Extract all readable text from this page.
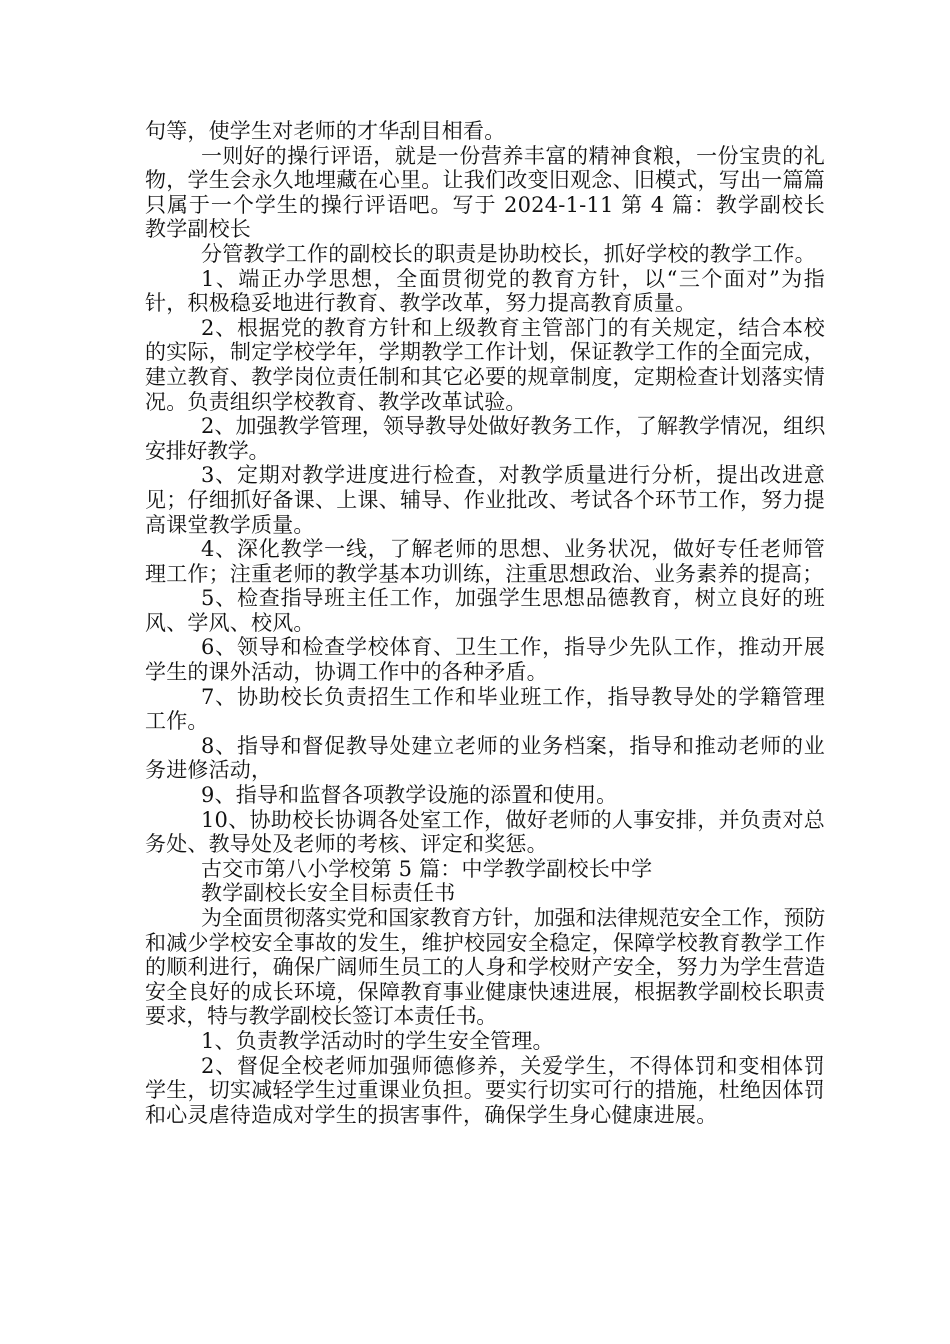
句等，使学生对老师的才华刮目相看。

一则好的操行评语，就是一份营养丰富的精神食粮，一份宝贵的礼物，学生会永久地埋藏在心里。让我们改变旧观念、旧模式，写出一篇篇只属于一个学生的操行评语吧。写于 2024-1-11 第 4 篇：教学副校长教学副校长

分管教学工作的副校长的职责是协助校长，抓好学校的教学工作。

1、端正办学思想，全面贯彻党的教育方针，以“三个面对”为指针，积极稳妥地进行教育、教学改革，努力提高教育质量。

2、根据党的教育方针和上级教育主管部门的有关规定，结合本校的实际，制定学校学年，学期教学工作计划，保证教学工作的全面完成，建立教育、教学岗位责任制和其它必要的规章制度，定期检查计划落实情况。负责组织学校教育、教学改革试验。

2、加强教学管理，领导教导处做好教务工作，了解教学情况，组织安排好教学。

3、定期对教学进度进行检查，对教学质量进行分析，提出改进意见；仔细抓好备课、上课、辅导、作业批改、考试各个环节工作，努力提高课堂教学质量。

4、深化教学一线，了解老师的思想、业务状况，做好专任老师管理工作；注重老师的教学基本功训练，注重思想政治、业务素养的提高；

5、检查指导班主任工作，加强学生思想品德教育，树立良好的班风、学风、校风。

6、领导和检查学校体育、卫生工作，指导少先队工作，推动开展学生的课外活动，协调工作中的各种矛盾。

7、协助校长负责招生工作和毕业班工作，指导教导处的学籍管理工作。

8、指导和督促教导处建立老师的业务档案，指导和推动老师的业务进修活动，

9、指导和监督各项教学设施的添置和使用。

10、协助校长协调各处室工作，做好老师的人事安排，并负责对总务处、教导处及老师的考核、评定和奖惩。

古交市第八小学校第 5 篇：中学教学副校长中学

教学副校长安全目标责任书

为全面贯彻落实党和国家教育方针，加强和法律规范安全工作，预防和减少学校安全事故的发生，维护校园安全稳定，保障学校教育教学工作的顺利进行，确保广阔师生员工的人身和学校财产安全，努力为学生营造安全良好的成长环境，保障教育事业健康快速进展，根据教学副校长职责要求，特与教学副校长签订本责任书。

1、负责教学活动时的学生安全管理。

2、督促全校老师加强师德修养，关爱学生，不得体罚和变相体罚学生，切实减轻学生过重课业负担。要实行切实可行的措施，杜绝因体罚和心灵虐待造成对学生的损害事件，确保学生身心健康进展。
